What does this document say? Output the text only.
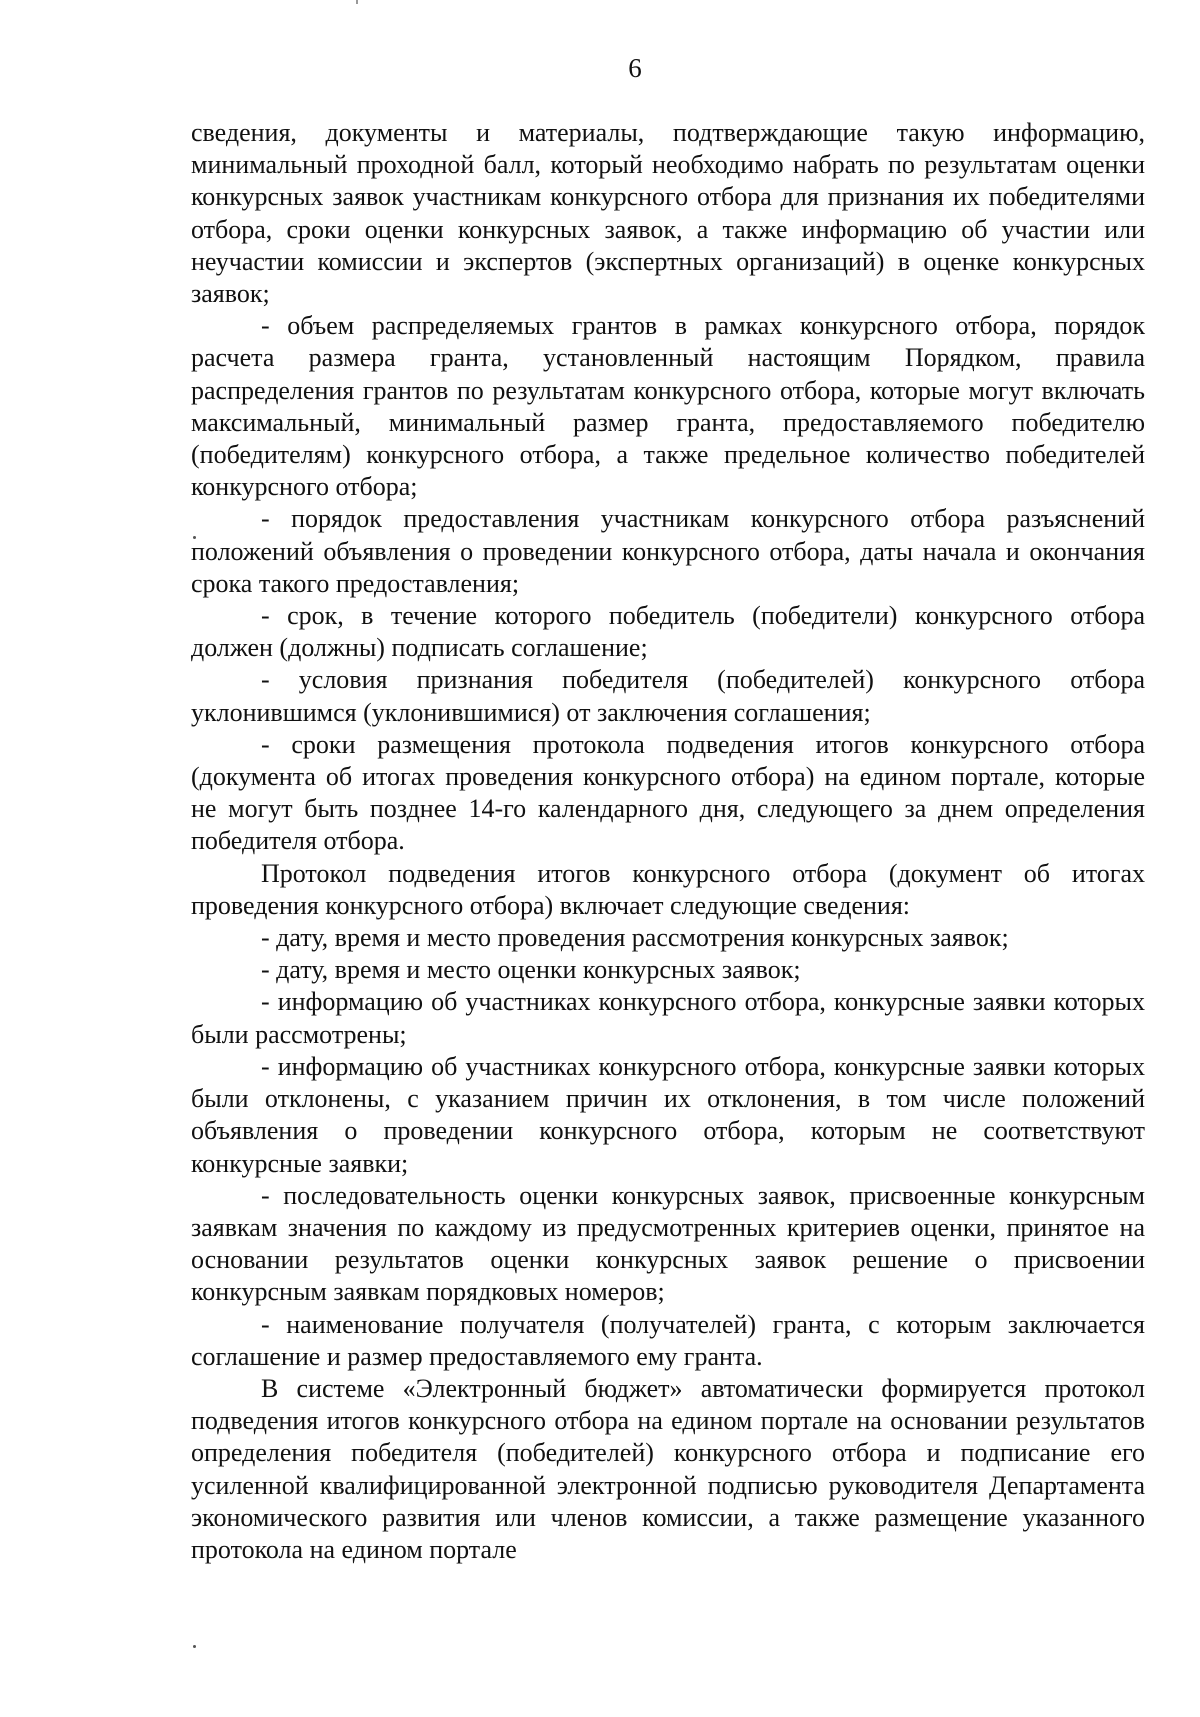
6

сведения, документы и материалы, подтверждающие такую информацию, минимальный проходной балл, который необходимо набрать по результатам оценки конкурсных заявок участникам конкурсного отбора для признания их победителями отбора, сроки оценки конкурсных заявок, а также информацию об участии или неучастии комиссии и экспертов (экспертных организаций) в оценке конкурсных заявок;

- объем распределяемых грантов в рамках конкурсного отбора, порядок расчета размера гранта, установленный настоящим Порядком, правила распределения грантов по результатам конкурсного отбора, которые могут включать максимальный, минимальный размер гранта, предоставляемого победителю (победителям) конкурсного отбора, а также предельное количество победителей конкурсного отбора;

- порядок предоставления участникам конкурсного отбора разъяснений положений объявления о проведении конкурсного отбора, даты начала и окончания срока такого предоставления;

- срок, в течение которого победитель (победители) конкурсного отбора должен (должны) подписать соглашение;

- условия признания победителя (победителей) конкурсного отбора уклонившимся (уклонившимися) от заключения соглашения;

- сроки размещения протокола подведения итогов конкурсного отбора (документа об итогах проведения конкурсного отбора) на едином портале, которые не могут быть позднее 14-го календарного дня, следующего за днем определения победителя отбора.

Протокол подведения итогов конкурсного отбора (документ об итогах проведения конкурсного отбора) включает следующие сведения:

- дату, время и место проведения рассмотрения конкурсных заявок;

- дату, время и место оценки конкурсных заявок;

- информацию об участниках конкурсного отбора, конкурсные заявки которых были рассмотрены;

- информацию об участниках конкурсного отбора, конкурсные заявки которых были отклонены, с указанием причин их отклонения, в том числе положений объявления о проведении конкурсного отбора, которым не соответствуют конкурсные заявки;

- последовательность оценки конкурсных заявок, присвоенные конкурсным заявкам значения по каждому из предусмотренных критериев оценки, принятое на основании результатов оценки конкурсных заявок решение о присвоении конкурсным заявкам порядковых номеров;

- наименование получателя (получателей) гранта, с которым заключается соглашение и размер предоставляемого ему гранта.

В системе «Электронный бюджет» автоматически формируется протокол подведения итогов конкурсного отбора на едином портале на основании результатов определения победителя (победителей) конкурсного отбора и подписание его усиленной квалифицированной электронной подписью руководителя Департамента экономического развития или членов комиссии, а также размещение указанного протокола на едином портале
